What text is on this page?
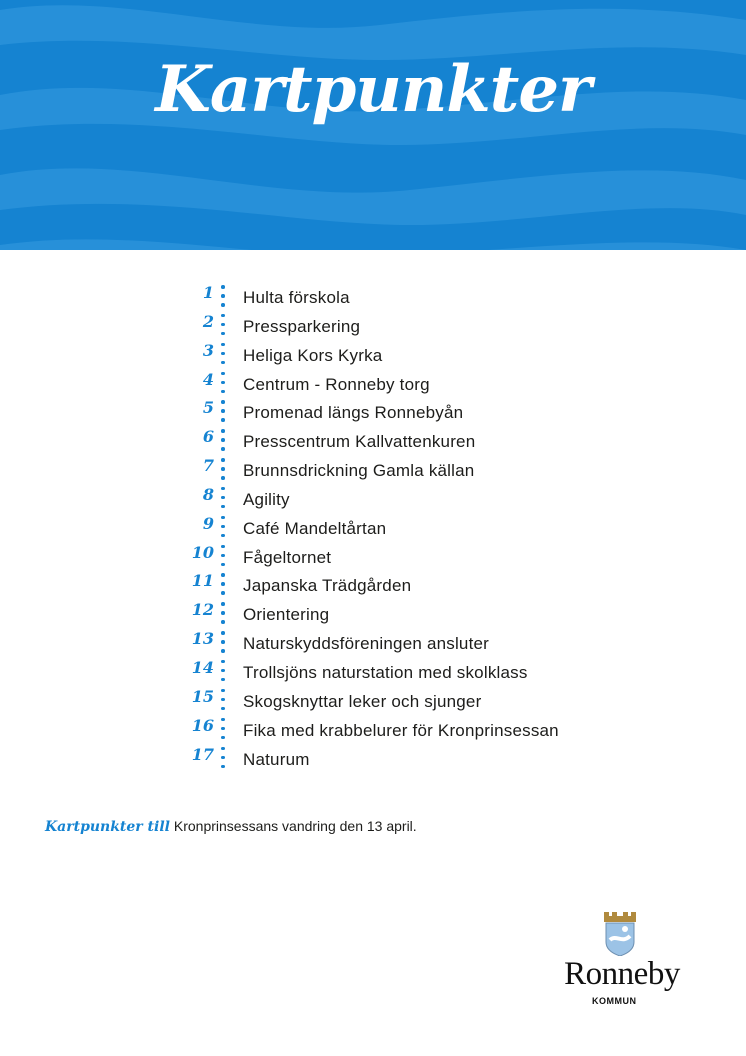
Kartpunkter
1 Hulta förskola
2 Pressparkering
3 Heliga Kors Kyrka
4 Centrum - Ronneby torg
5 Promenad längs Ronnebyån
6 Presscentrum Kallvattenkuren
7 Brunnsdrickning Gamla källan
8 Agility
9 Café Mandeltårtan
10 Fågeltornet
11 Japanska Trädgården
12 Orientering
13 Naturskyddsföreningen ansluter
14 Trollsjöns naturstation med skolklass
15 Skogsknyttar leker och sjunger
16 Fika med krabbelurer för Kronprinsessan
17 Naturum
Kartpunkter till Kronprinsessans vandring den 13 april.
Ronneby
KOMMUN
